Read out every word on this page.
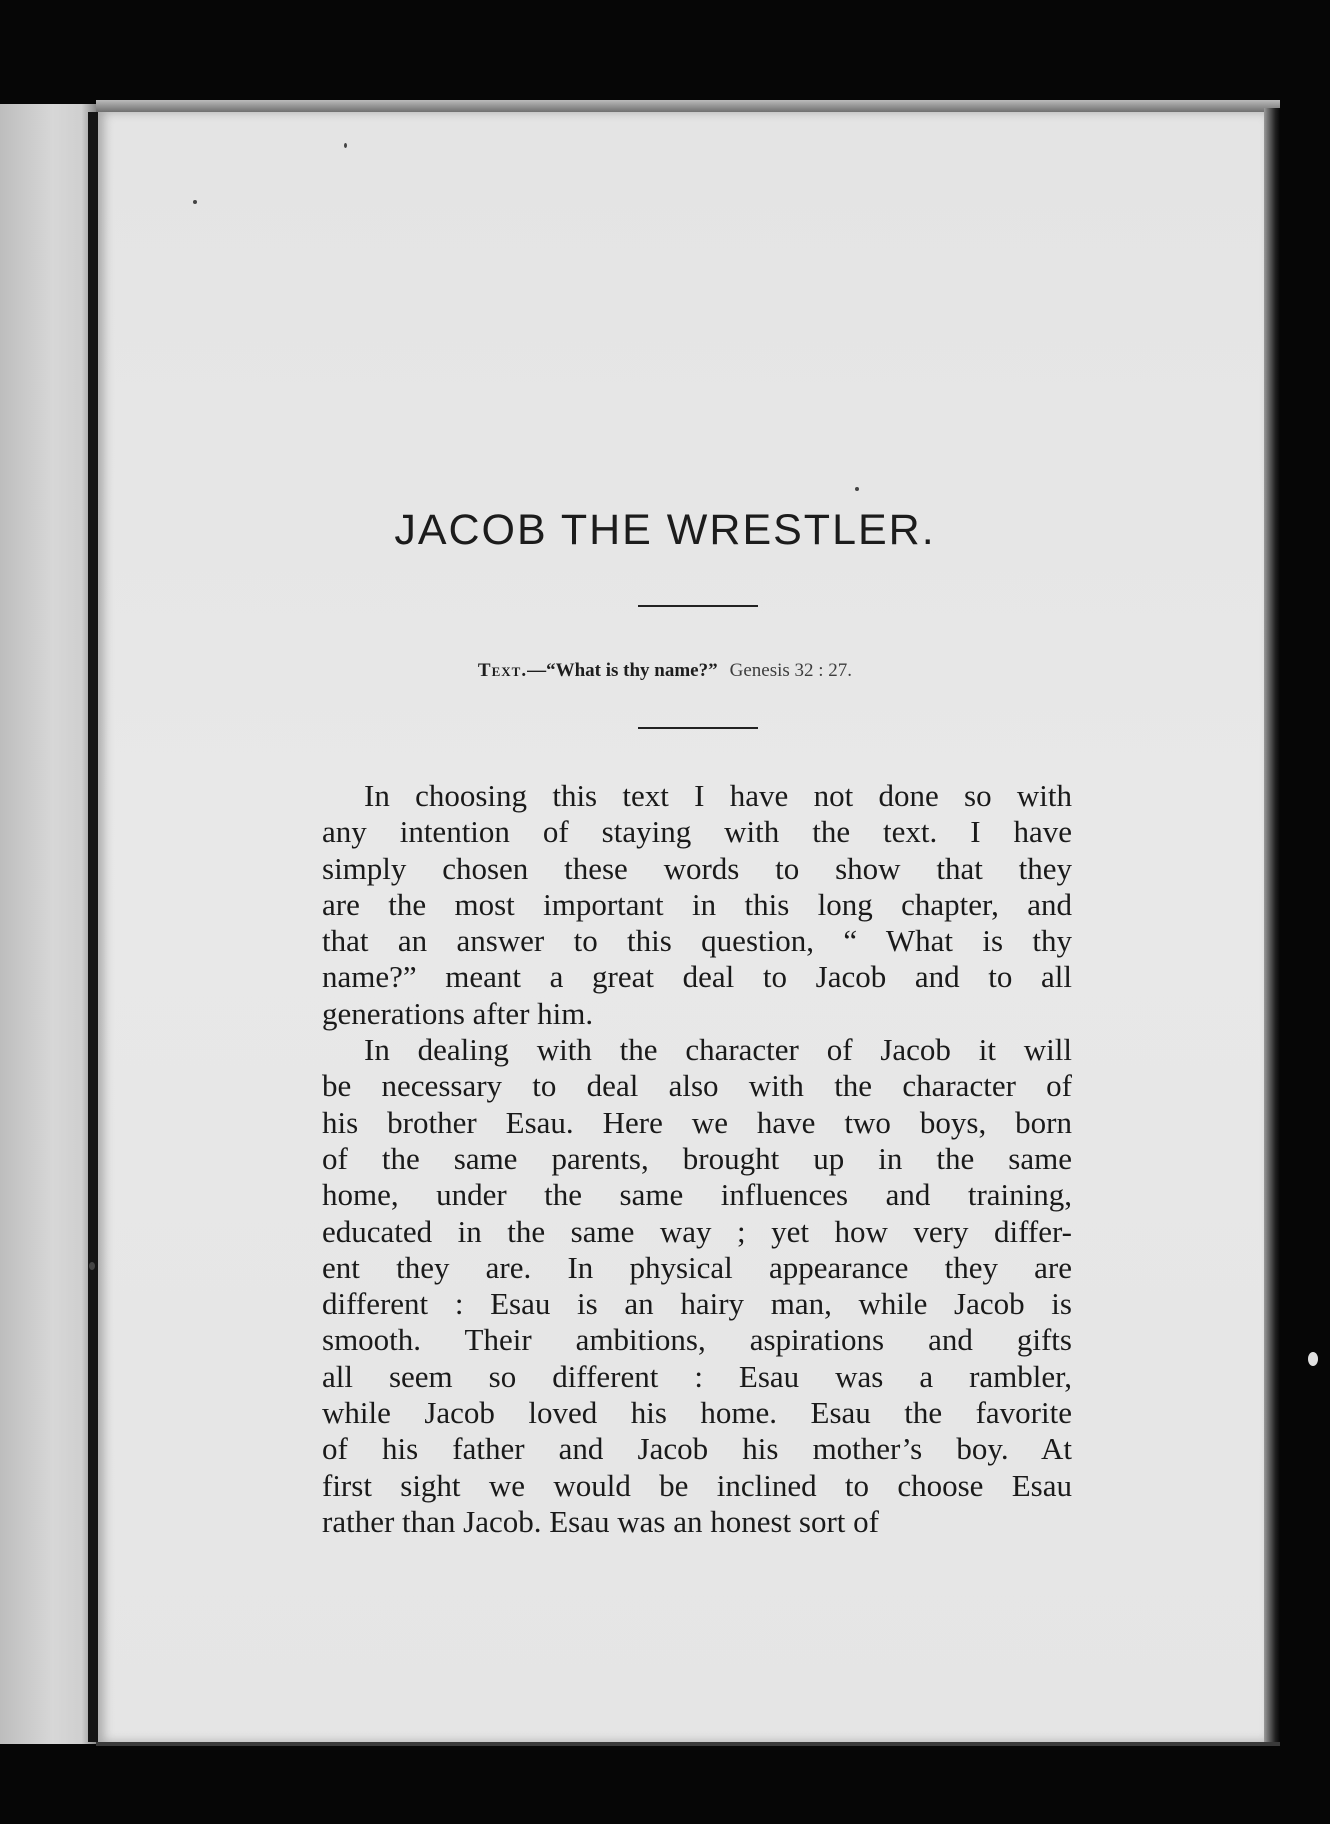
JACOB THE WRESTLER.
Text.—“What is thy name?” Genesis 32 : 27.

In choosing this text I have not done so with
any intention of staying with the text. I have
simply chosen these words to show that they
are the most important in this long chapter, and
that an answer to this question, “ What is thy
name?” meant a great deal to Jacob and to all
generations after him.

In dealing with the character of Jacob it will
be necessary to deal also with the character of
his brother Esau. Here we have two boys, born
of the same parents, brought up in the same
home, under the same influences and training,
educated in the same way ; yet how very differ-
ent they are. In physical appearance they are
different : Esau is an hairy man, while Jacob is
smooth. Their ambitions, aspirations and gifts
all seem so different : Esau was a rambler,
while Jacob loved his home. Esau the favorite
of his father and Jacob his mother’s boy. At
first sight we would be inclined to choose Esau
rather than Jacob. Esau was an honest sort of
